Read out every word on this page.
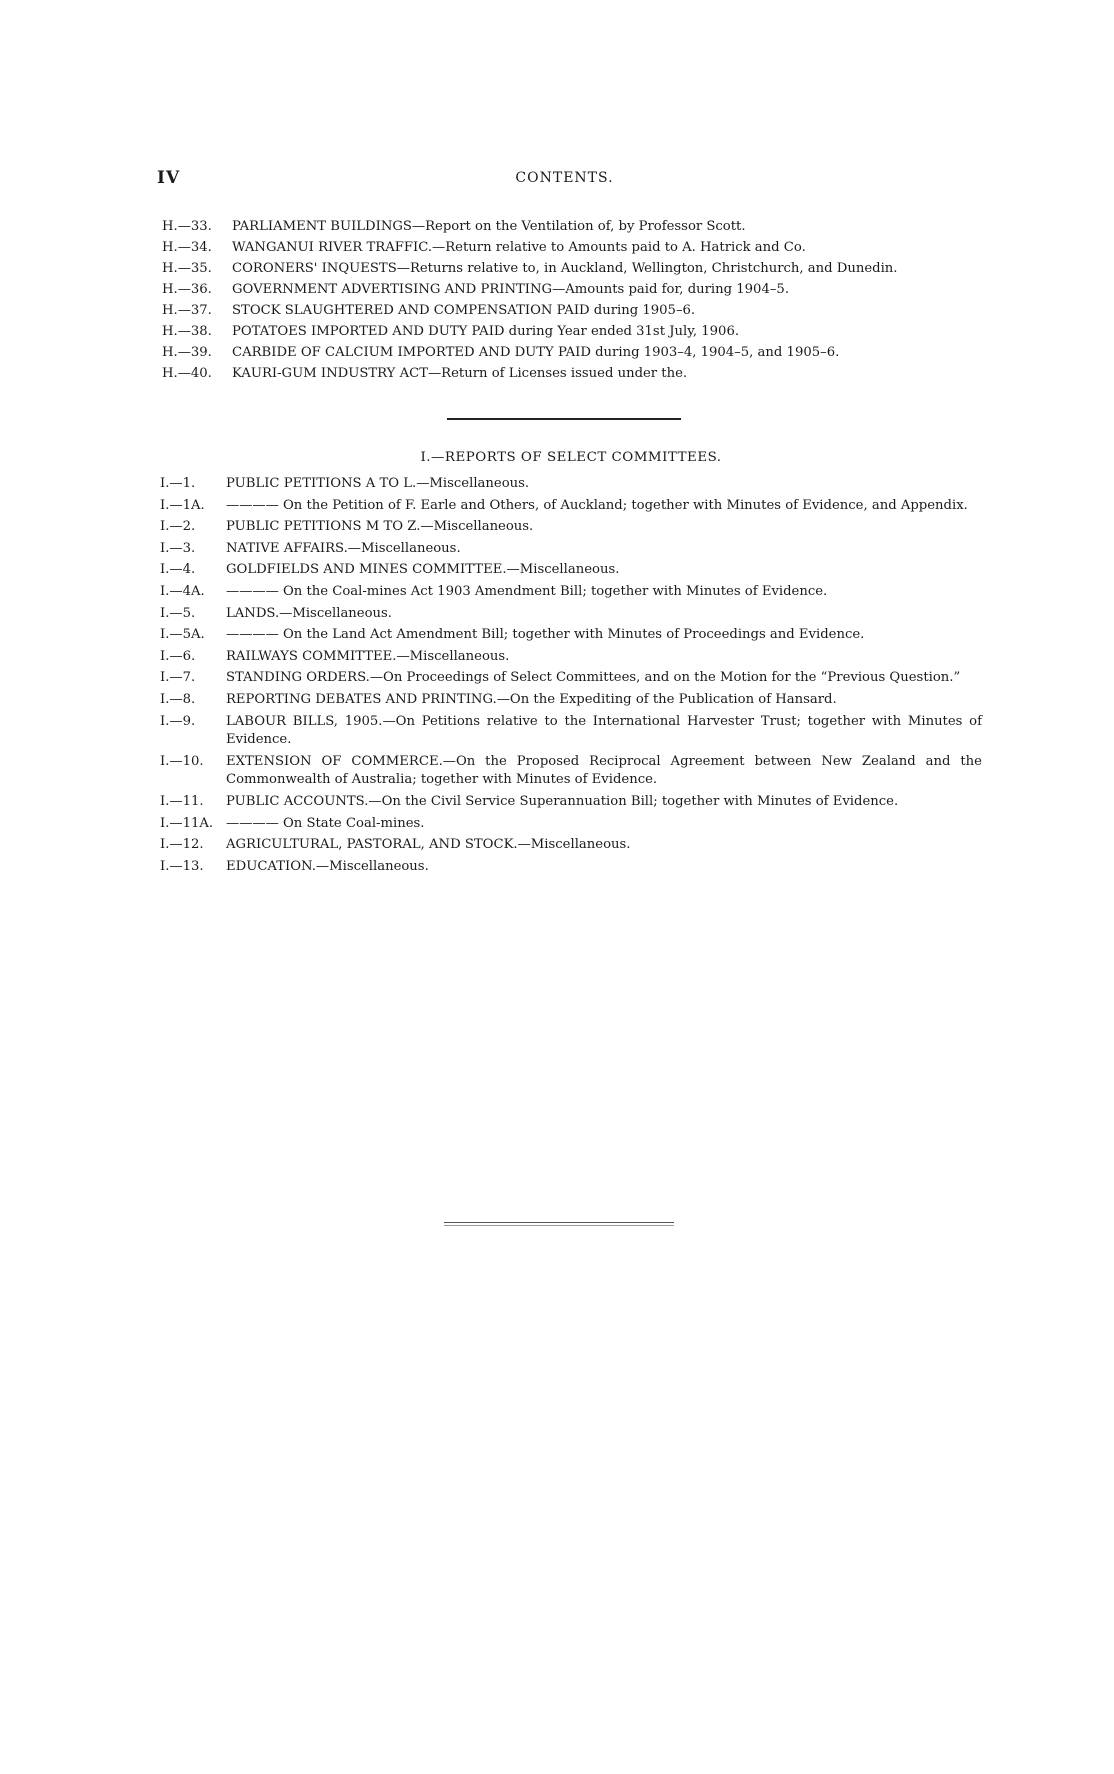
IV	CONTENTS.
H.—33. PARLIAMENT BUILDINGS—Report on the Ventilation of, by Professor Scott.
H.—34. WANGANUI RIVER TRAFFIC.—Return relative to Amounts paid to A. Hatrick and Co.
H.—35. CORONERS' INQUESTS—Returns relative to, in Auckland, Wellington, Christchurch, and Dunedin.
H.—36. GOVERNMENT ADVERTISING AND PRINTING—Amounts paid for, during 1904–5.
H.—37. STOCK SLAUGHTERED AND COMPENSATION PAID during 1905–6.
H.—38. POTATOES IMPORTED AND DUTY PAID during Year ended 31st July, 1906.
H.—39. CARBIDE OF CALCIUM IMPORTED AND DUTY PAID during 1903–4, 1904–5, and 1905–6.
H.—40. KAURI-GUM INDUSTRY ACT—Return of Licenses issued under the.
I.—REPORTS OF SELECT COMMITTEES.
I.—1. PUBLIC PETITIONS A TO L.—Miscellaneous.
I.—1A. ———— On the Petition of F. Earle and Others, of Auckland; together with Minutes of Evidence, and Appendix.
I.—2. PUBLIC PETITIONS M TO Z.—Miscellaneous.
I.—3. NATIVE AFFAIRS.—Miscellaneous.
I.—4. GOLDFIELDS AND MINES COMMITTEE.—Miscellaneous.
I.—4A. ———— On the Coal-mines Act 1903 Amendment Bill; together with Minutes of Evidence.
I.—5. LANDS.—Miscellaneous.
I.—5A. ———— On the Land Act Amendment Bill; together with Minutes of Proceedings and Evidence.
I.—6. RAILWAYS COMMITTEE.—Miscellaneous.
I.—7. STANDING ORDERS.—On Proceedings of Select Committees, and on the Motion for the “Previous Question.”
I.—8. REPORTING DEBATES AND PRINTING.—On the Expediting of the Publication of Hansard.
I.—9. LABOUR BILLS, 1905.—On Petitions relative to the International Harvester Trust; together with Minutes of Evidence.
I.—10. EXTENSION OF COMMERCE.—On the Proposed Reciprocal Agreement between New Zealand and the Commonwealth of Australia; together with Minutes of Evidence.
I.—11. PUBLIC ACCOUNTS.—On the Civil Service Superannuation Bill; together with Minutes of Evidence.
I.—11A. ———— On State Coal-mines.
I.—12. AGRICULTURAL, PASTORAL, AND STOCK.—Miscellaneous.
I.—13. EDUCATION.—Miscellaneous.
